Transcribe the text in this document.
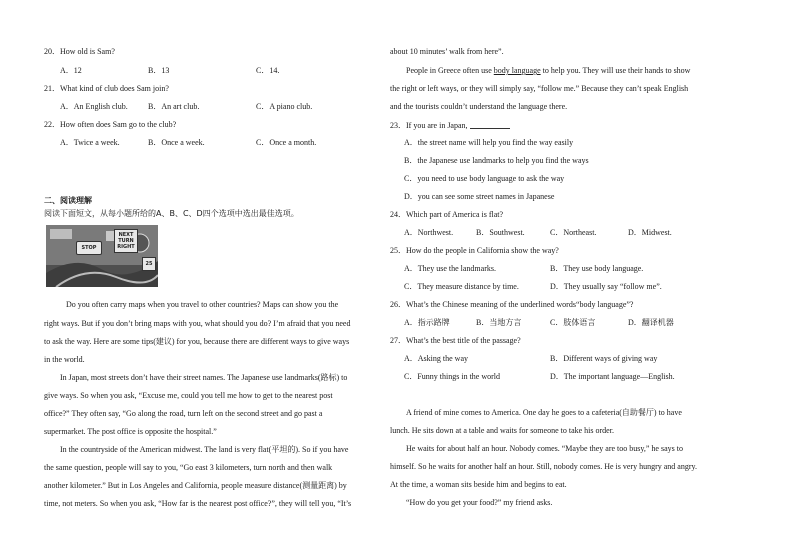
20．How old is Sam?
A．12	B．13	C．14.
21．What kind of club does Sam join?
A．An English club.	B．An art club.	C．A piano club.
22．How often does Sam go to the club?
A．Twice a week.	B．Once a week.	C．Once a month.
二、阅读理解
阅读下面短文，从每小题所给的A、B、C、D四个选项中选出最佳选项。
STOP
NEXT TURN RIGHT
25
Do you often carry maps when you travel to other countries? Maps can show you the
right ways. But if you don’t bring maps with you, what should you do? I’m afraid that you need
to ask the way. Here are some tips(建议) for you, because there are different ways to give ways
in the world.
In Japan, most streets don’t have their street names. The Japanese use landmarks(路标) to
give ways. So when you ask, “Excuse me, could you tell me how to get to the nearest post
office?” They often say, “Go along the road, turn left on the second street and go past a
supermarket. The post office is opposite the hospital.”
In the countryside of the American midwest. The land is very flat(平坦的). So if you have
the same question, people will say to you, “Go east 3 kilometers, turn north and then walk
another kilometer.” But in Los Angeles and California, people measure distance(测量距离) by
time, not meters. So when you ask, “How far is the nearest post office?”, they will tell you, “It’s
about 10 minutes’ walk from here”.
People in Greece often use body language to help you. They will use their hands to show
the right or left ways, or they will simply say, “follow me.” Because they can’t speak English
and the tourists couldn’t understand the language there.
23．If you are in Japan,
A．the street name will help you find the way easily
B．the Japanese use landmarks to help you find the ways
C．you need to use body language to ask the way
D．you can see some street names in Japanese
24．Which part of America is flat?
A．Northwest.	B．Southwest.	C．Northeast.	D．Midwest.
25．How do the people in California show the way?
A．They use the landmarks.	B．They use body language.
C．They measure distance by time.	D．They usually say “follow me”.
26．What’s the Chinese meaning of the underlined words“body language”?
A．指示路牌	B．当地方言	C．肢体语言	D．翻译机器
27．What’s the best title of the passage?
A．Asking the way	B．Different ways of giving way
C．Funny things in the world	D．The important language—English.
A friend of mine comes to America. One day he goes to a cafeteria(自助餐厅) to have
lunch. He sits down at a table and waits for someone to take his order.
He waits for about half an hour. Nobody comes. “Maybe they are too busy,” he says to
himself. So he waits for another half an hour. Still, nobody comes. He is very hungry and angry.
At the time, a woman sits beside him and begins to eat.
“How do you get your food?” my friend asks.
